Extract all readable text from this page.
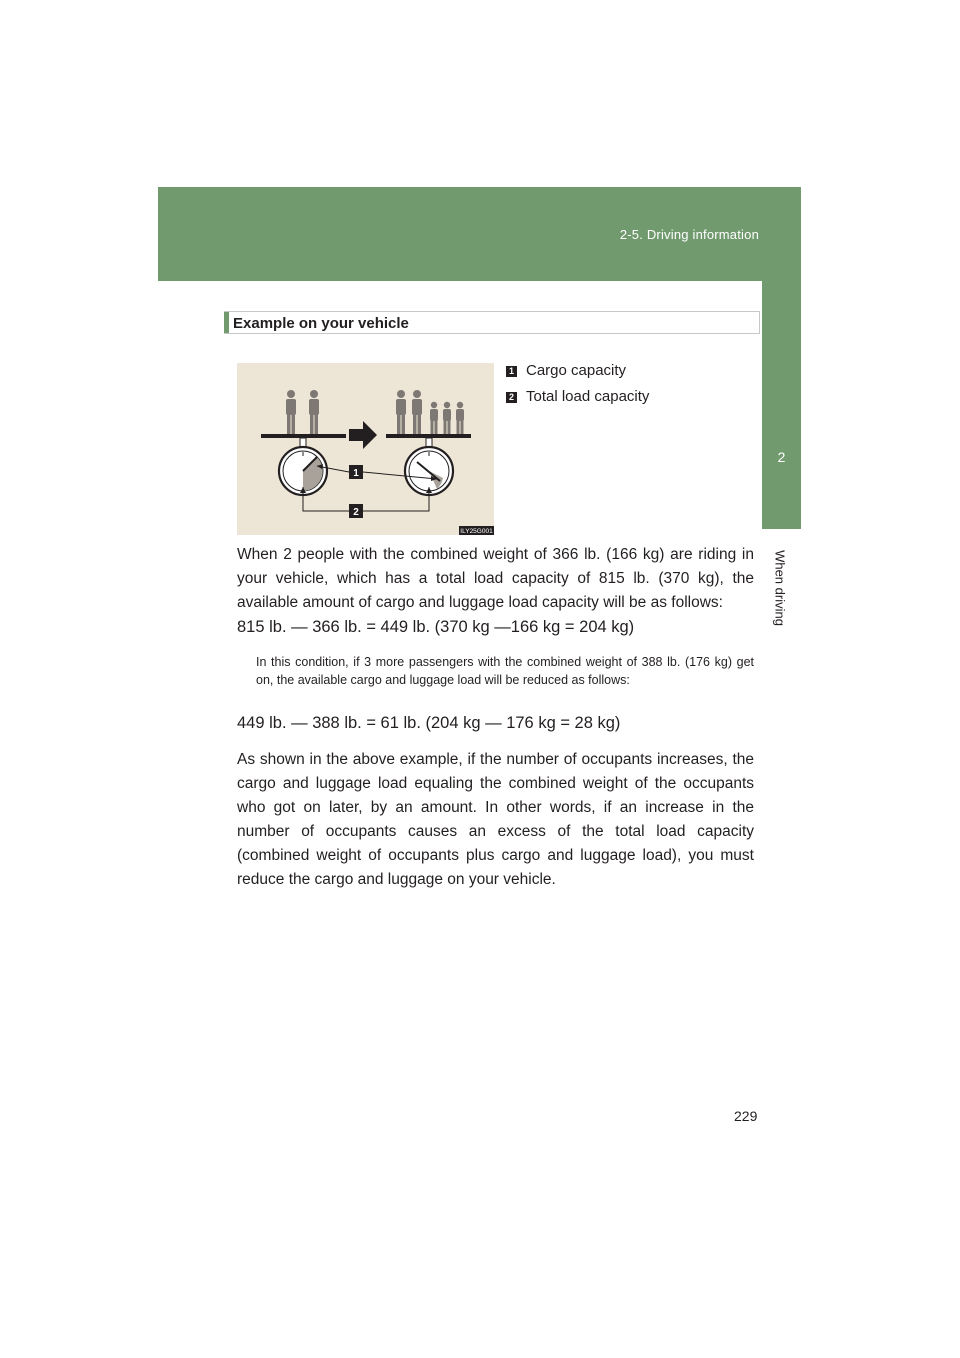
2-5. Driving information
2
When driving
Example on your vehicle
1
2
ILY25G001
1 Cargo capacity
2 Total load capacity

When 2 people with the combined weight of 366 lb. (166 kg) are riding in your vehicle, which has a total load capacity of 815 lb. (370 kg), the available amount of cargo and luggage load capacity will be as follows:

815 lb. — 366 lb. = 449 lb. (370 kg —166 kg = 204 kg)

In this condition, if 3 more passengers with the combined weight of 388 lb. (176 kg) get on, the available cargo and luggage load will be reduced as follows:

449 lb. — 388 lb. = 61 lb. (204 kg — 176 kg = 28 kg)

As shown in the above example, if the number of occupants increases, the cargo and luggage load equaling the combined weight of the occupants who got on later, by an amount. In other words, if an increase in the number of occupants causes an excess of the total load capacity (combined weight of occupants plus cargo and luggage load), you must reduce the cargo and luggage on your vehicle.

229
